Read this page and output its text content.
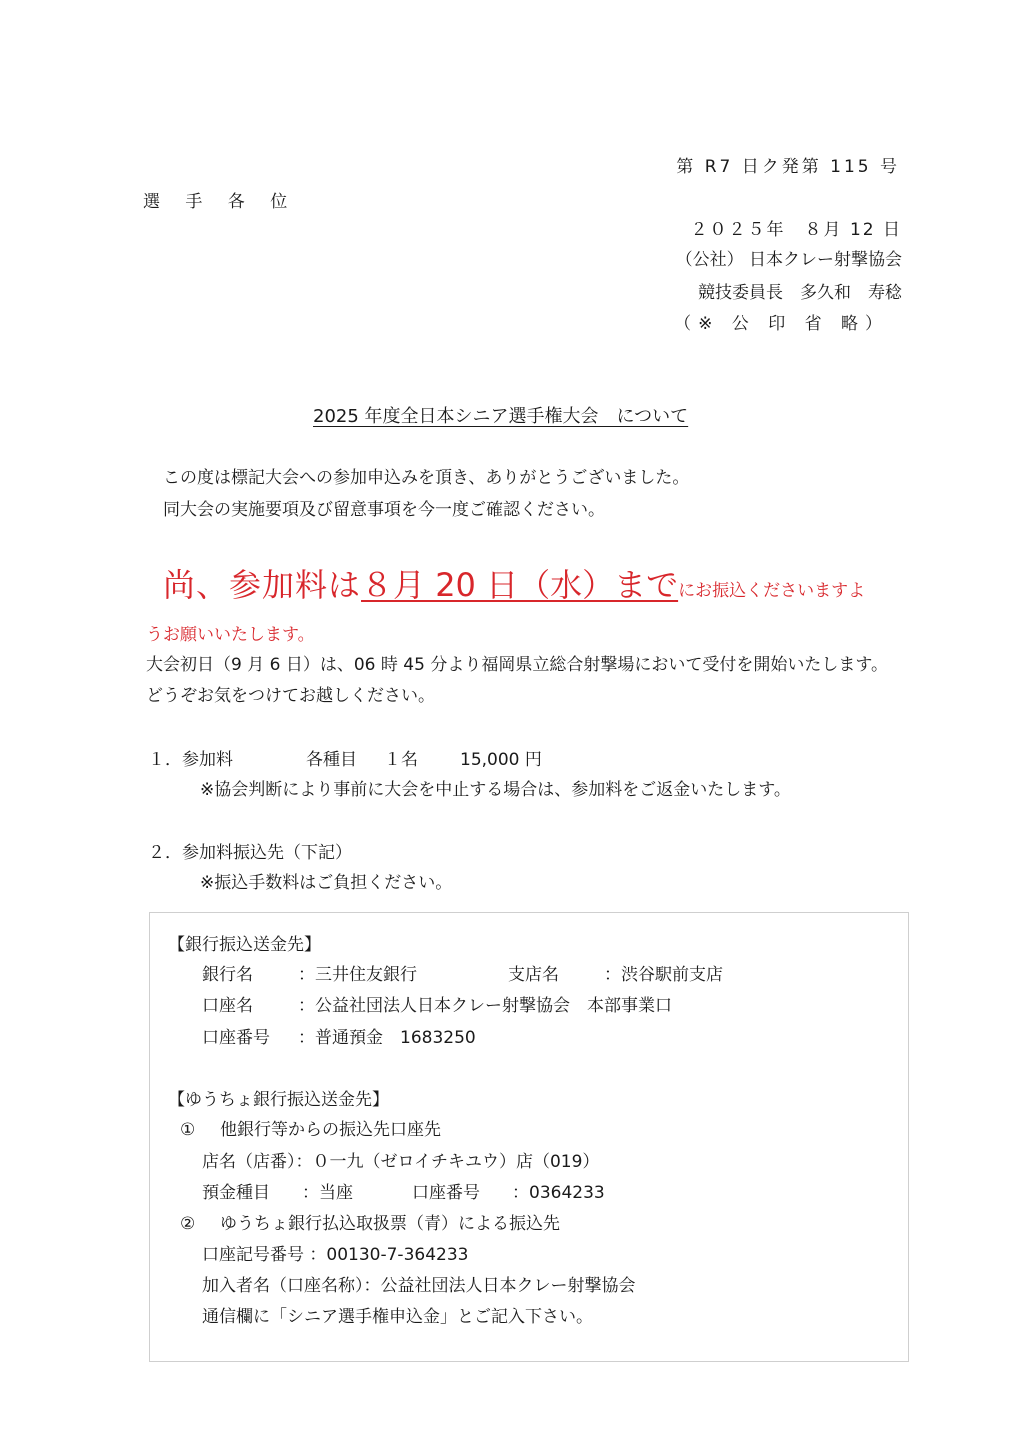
第 R7 日ク発第 115 号
選 手 各 位
２０２５年　８月 12 日
（公社） 日本クレー射撃協会
競技委員長　多久和　寿稔
（※ 公 印 省 略）
2025 年度全日本シニア選手権大会　について
この度は標記大会への参加申込みを頂き、ありがとうございました。
同大会の実施要項及び留意事項を今一度ご確認ください。
尚、参加料は８月 20 日（水）までにお振込くださいますよ
うお願いいたします。
大会初日（9 月 6 日）は、06 時 45 分より福岡県立総合射撃場において受付を開始いたします。
どうぞお気をつけてお越しください。
１．参加料	各種目 １名 15,000 円
※協会判断により事前に大会を中止する場合は、参加料をご返金いたします。
２．参加料振込先（下記）
※振込手数料はご負担ください。
【銀行振込送金先】
銀行名	：三井住友銀行	支店名	：渋谷駅前支店
口座名	：公益社団法人日本クレー射撃協会　本部事業口
口座番号 ：普通預金　1683250
【ゆうちょ銀行振込送金先】
① 他銀行等からの振込先口座先
店名（店番）：０一九（ゼロイチキユウ）店（019）
預金種目 ：当座	口座番号 ：0364233
② ゆうちょ銀行払込取扱票（青）による振込先
口座記号番号 ：00130-7-364233
加入者名（口座名称）：公益社団法人日本クレー射撃協会
通信欄に「シニア選手権申込金」とご記入下さい。
